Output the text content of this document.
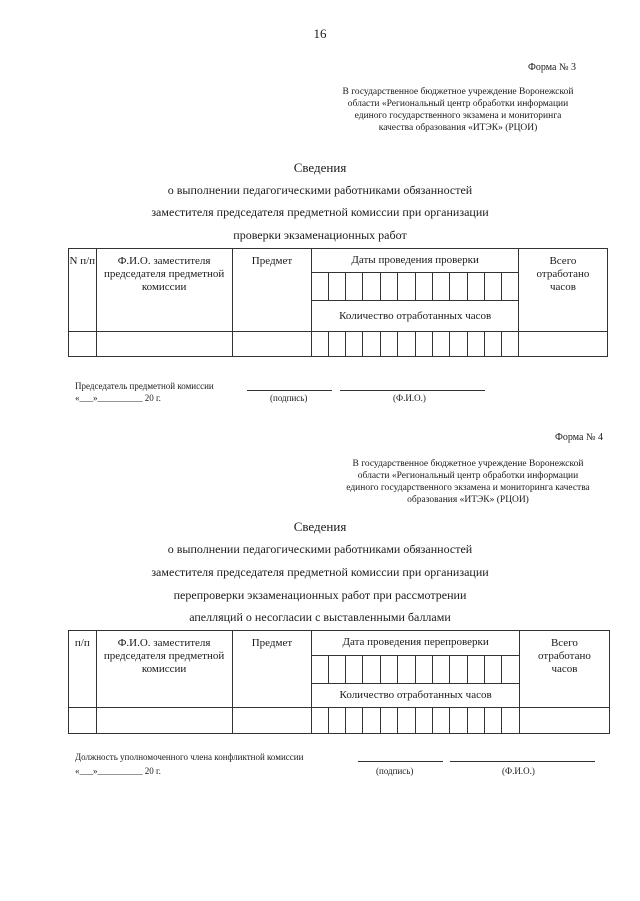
16
Форма № 3
В государственное бюджетное учреждение Воронежской
области «Региональный центр обработки информации
единого государственного экзамена и мониторинга
качества образования «ИТЭК» (РЦОИ)
Сведения
о выполнении педагогическими работниками обязанностей
заместителя председателя предметной комиссии при организации
проверки экзаменационных работ
N п/п	Ф.И.О. заместителя председателя предметной комиссии	Предмет	Даты проведения проверки												Всего отработано часов

			Количество отработанных часов												

Председатель предметной комиссии
«___»__________ 20 г.	(подпись)	(Ф.И.О.)
Форма № 4
В государственное бюджетное учреждение Воронежской
области «Региональный центр обработки информации
единого государственного экзамена и мониторинга качества
образования «ИТЭК» (РЦОИ)
Сведения
о выполнении педагогическими работниками обязанностей
заместителя председателя предметной комиссии при организации
перепроверки экзаменационных работ при рассмотрении
апелляций о несогласии с выставленными баллами
п/п	Ф.И.О. заместителя председателя предметной комиссии	Предмет	Дата проведения перепроверки												Всего отработано часов

			Количество отработанных часов												

Должность уполномоченного члена конфликтной комиссии
«___»__________ 20 г.	(подпись)	(Ф.И.О.)
